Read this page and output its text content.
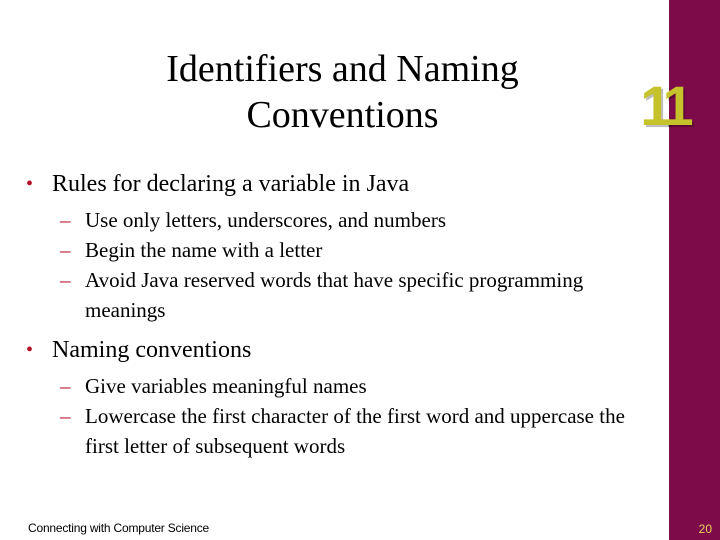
11
Identifiers and Naming
Conventions
• Rules for declaring a variable in Java
– Use only letters, underscores, and numbers
– Begin the name with a letter
– Avoid Java reserved words that have specific programming meanings
• Naming conventions
– Give variables meaningful names
– Lowercase the first character of the first word and uppercase the first letter of subsequent words
Connecting with Computer Science	20
